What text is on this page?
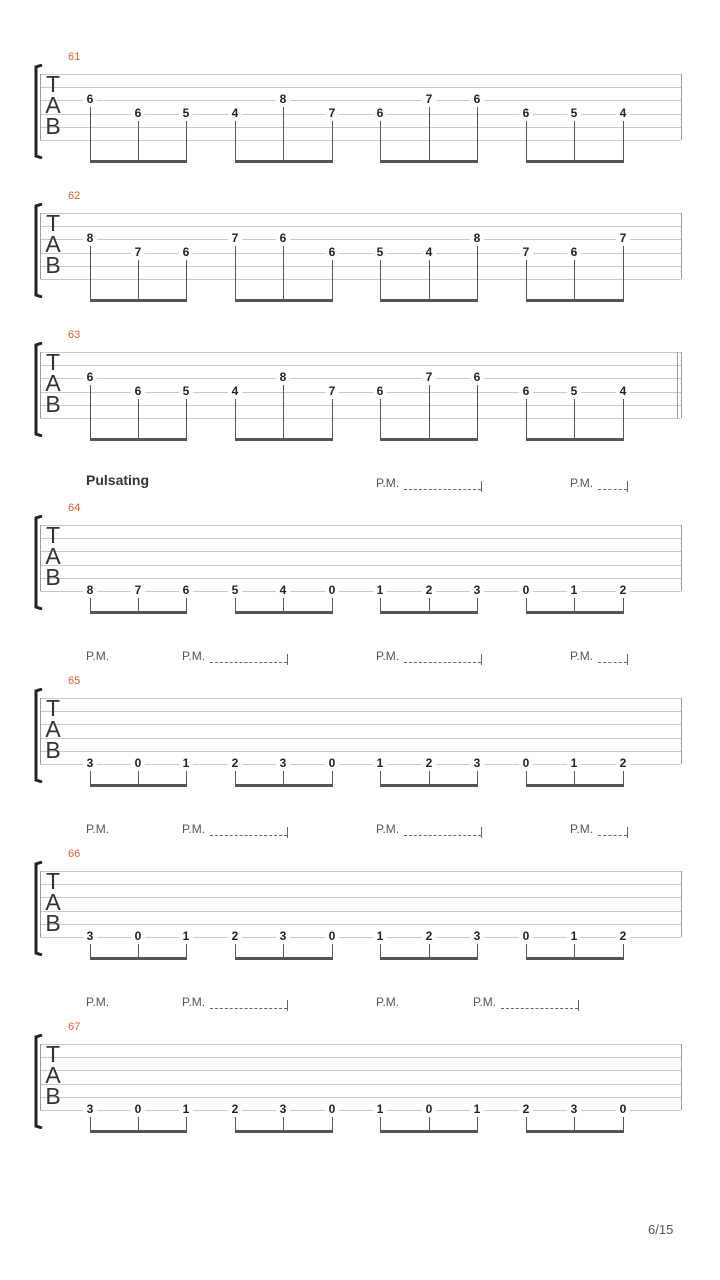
61
T
A
B
6
6	5	4
8
7	6
7	6
6	5	4
62
T
A
B
8
7	6
7	6
6	5	4
8
7	6
7
63
T
A
B
6
6	5	4
8
7	6
7	6
6	5	4
64
T
A
B	8	7	6	5	4	0	1	2	3	0	1	2
P.M.	P.M.
65
T
A
B	3	0	1	2	3	0	1	2	3	0	1	2
P.M.	P.M.	P.M.	P.M.
66
T
A
B	3	0	1	2	3	0	1	2	3	0	1	2
P.M.	P.M.	P.M.	P.M.
67
T
A
B	3	0	1	2	3	0	1	0	1	2	3	0
P.M.	P.M.	P.M.	P.M.
Pulsating
6/15
